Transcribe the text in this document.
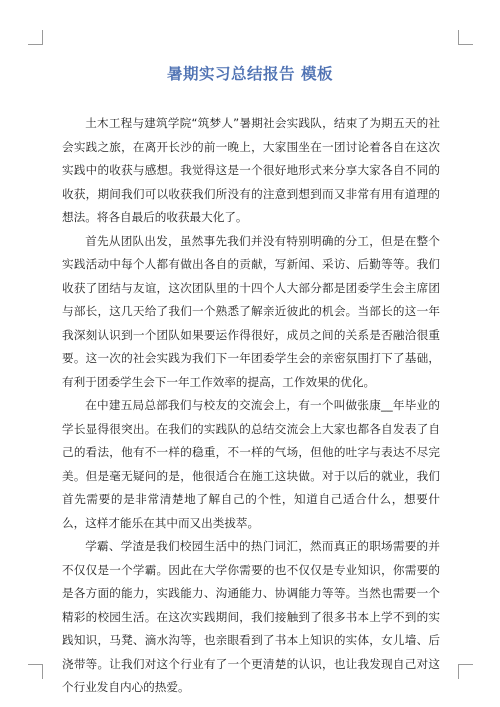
暑期实习总结报告 模板

土木工程与建筑学院“筑梦人”暑期社会实践队，结束了为期五天的社会实践之旅，在离开长沙的前一晚上，大家围坐在一团讨论着各自在这次实践中的收获与感想。我觉得这是一个很好地形式来分享大家各自不同的收获，期间我们可以收获我们所没有的注意到想到而又非常有用有道理的想法。将各自最后的收获最大化了。

首先从团队出发，虽然事先我们并没有特别明确的分工，但是在整个实践活动中每个人都有做出各自的贡献，写新闻、采访、后勤等等。我们收获了团结与友谊，这次团队里的十四个人大部分都是团委学生会主席团与部长，这几天给了我们一个熟悉了解亲近彼此的机会。当部长的这一年我深刻认识到一个团队如果要运作得很好，成员之间的关系是否融洽很重要。这一次的社会实践为我们下一年团委学生会的亲密氛围打下了基础，有利于团委学生会下一年工作效率的提高，工作效果的优化。

在中建五局总部我们与校友的交流会上，有一个叫做张康__年毕业的学长显得很突出。在我们的实践队的总结交流会上大家也都各自发表了自己的看法，他有不一样的稳重，不一样的气场，但他的吐字与表达不尽完美。但是毫无疑问的是，他很适合在施工这块做。对于以后的就业，我们首先需要的是非常清楚地了解自己的个性，知道自己适合什么，想要什么，这样才能乐在其中而又出类拔萃。

学霸、学渣是我们校园生活中的热门词汇，然而真正的职场需要的并不仅仅是一个学霸。因此在大学你需要的也不仅仅是专业知识，你需要的是各方面的能力，实践能力、沟通能力、协调能力等等。当然也需要一个精彩的校园生活。在这次实践期间，我们接触到了很多书本上学不到的实践知识，马凳、滴水沟等，也亲眼看到了书本上知识的实体，女儿墙、后浇带等。让我们对这个行业有了一个更清楚的认识，也让我发现自己对这个行业发自内心的热爱。
